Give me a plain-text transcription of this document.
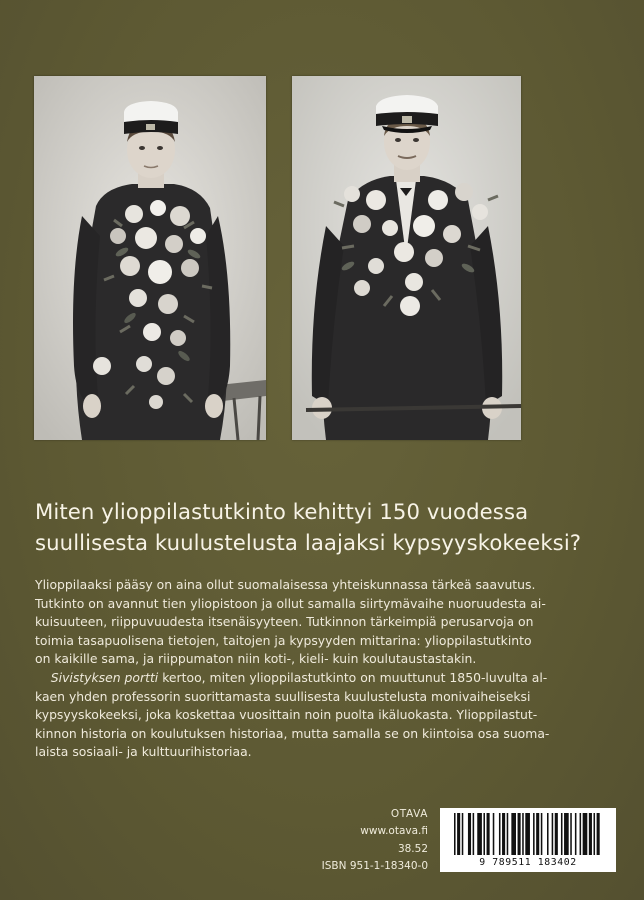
Miten ylioppilastutkinto kehittyi 150 vuodessa
suullisesta kuulustelusta laajaksi kypsyyskokeeksi?
Ylioppilaaksi pääsy on aina ollut suomalaisessa yhteiskunnassa tärkeä saavutus.
Tutkinto on avannut tien yliopistoon ja ollut samalla siirtymävaihe nuoruudesta ai-
kuisuuteen, riippuvuudesta itsenäisyyteen. Tutkinnon tärkeimpiä perusarvoja on
toimia tasapuolisena tietojen, taitojen ja kypsyyden mittarina: ylioppilastutkinto
on kaikille sama, ja riippumaton niin koti-, kieli- kuin koulutaustastakin.
Sivistyksen portti kertoo, miten ylioppilastutkinto on muuttunut 1850-luvulta al-
kaen yhden professorin suorittamasta suullisesta kuulustelusta monivaiheiseksi
kypsyyskokeeksi, joka koskettaa vuosittain noin puolta ikäluokasta. Ylioppilastut-
kinnon historia on koulutuksen historiaa, mutta samalla se on kiintoisa osa suoma-
laista sosiaali- ja kulttuurihistoriaa.
OTAVA
www.otava.fi
38.52
ISBN 951-1-18340-0	9 789511 183402
